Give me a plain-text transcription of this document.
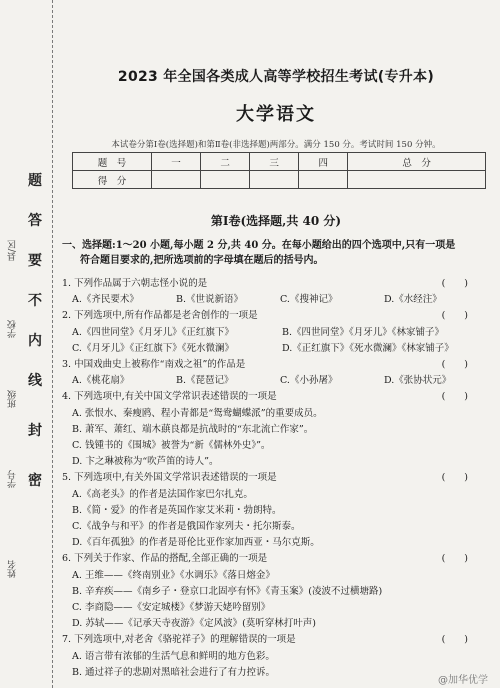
姓名
学号
班级
学校
县/区
密
封
线
内
不
要
答
题
2023 年全国各类成人高等学校招生考试(专升本)
大学语文
本试卷分第Ⅰ卷(选择题)和第Ⅱ卷(非选择题)两部分。满分 150 分。考试时间 150 分钟。
题　号	一	二	三	四	总　分
得　分					
第Ⅰ卷(选择题,共 40 分)
一、选择题:1～20 小题,每小题 2 分,共 40 分。在每小题给出的四个选项中,只有一项是
符合题目要求的,把所选项前的字母填在题后的括号内。
1. 下列作品属于六朝志怪小说的是	(　　)
A.《齐民要术》	B.《世说新语》	C.《搜神记》	D.《水经注》
2. 下列选项中,所有作品都是老舍创作的一项是	(　　)
A.《四世同堂》《月牙儿》《正红旗下》	B.《四世同堂》《月牙儿》《林家铺子》
C.《月牙儿》《正红旗下》《死水微澜》	D.《正红旗下》《死水微澜》《林家铺子》
3. 中国戏曲史上被称作“南戏之祖”的作品是	(　　)
A.《桃花扇》	B.《琵琶记》	C.《小孙屠》	D.《张协状元》
4. 下列选项中,有关中国文学常识表述错误的一项是	(　　)
A. 张恨水、秦瘦鸥、程小青都是“鸳鸯蝴蝶派”的重要成员。
B. 萧军、萧红、端木蕻良都是抗战时的“东北流亡作家”。
C. 钱锺书的《围城》被誉为“新《儒林外史》”。
D. 卞之琳被称为“吹芦笛的诗人”。
5. 下列选项中,有关外国文学常识表述错误的一项是	(　　)
A.《高老头》的作者是法国作家巴尔扎克。
B.《简・爱》的作者是英国作家艾米莉・勃朗特。
C.《战争与和平》的作者是俄国作家列夫・托尔斯泰。
D.《百年孤独》的作者是哥伦比亚作家加西亚・马尔克斯。
6. 下列关于作家、作品的搭配,全部正确的一项是	(　　)
A. 王维——《终南别业》《水调乐》《落日熔金》
B. 辛弃疾——《南乡子・登京口北固亭有怀》《青玉案》(凌波不过横塘路)
C. 李商隐——《安定城楼》《梦游天姥吟留别》
D. 苏轼——《记承天寺夜游》《定风波》(莫听穿林打叶声)
7. 下列选项中,对老舍《骆驼祥子》的理解错误的一项是	(　　)
A. 语言带有浓郁的生活气息和鲜明的地方色彩。
B. 通过祥子的悲剧对黑暗社会进行了有力控诉。
@加华优学
